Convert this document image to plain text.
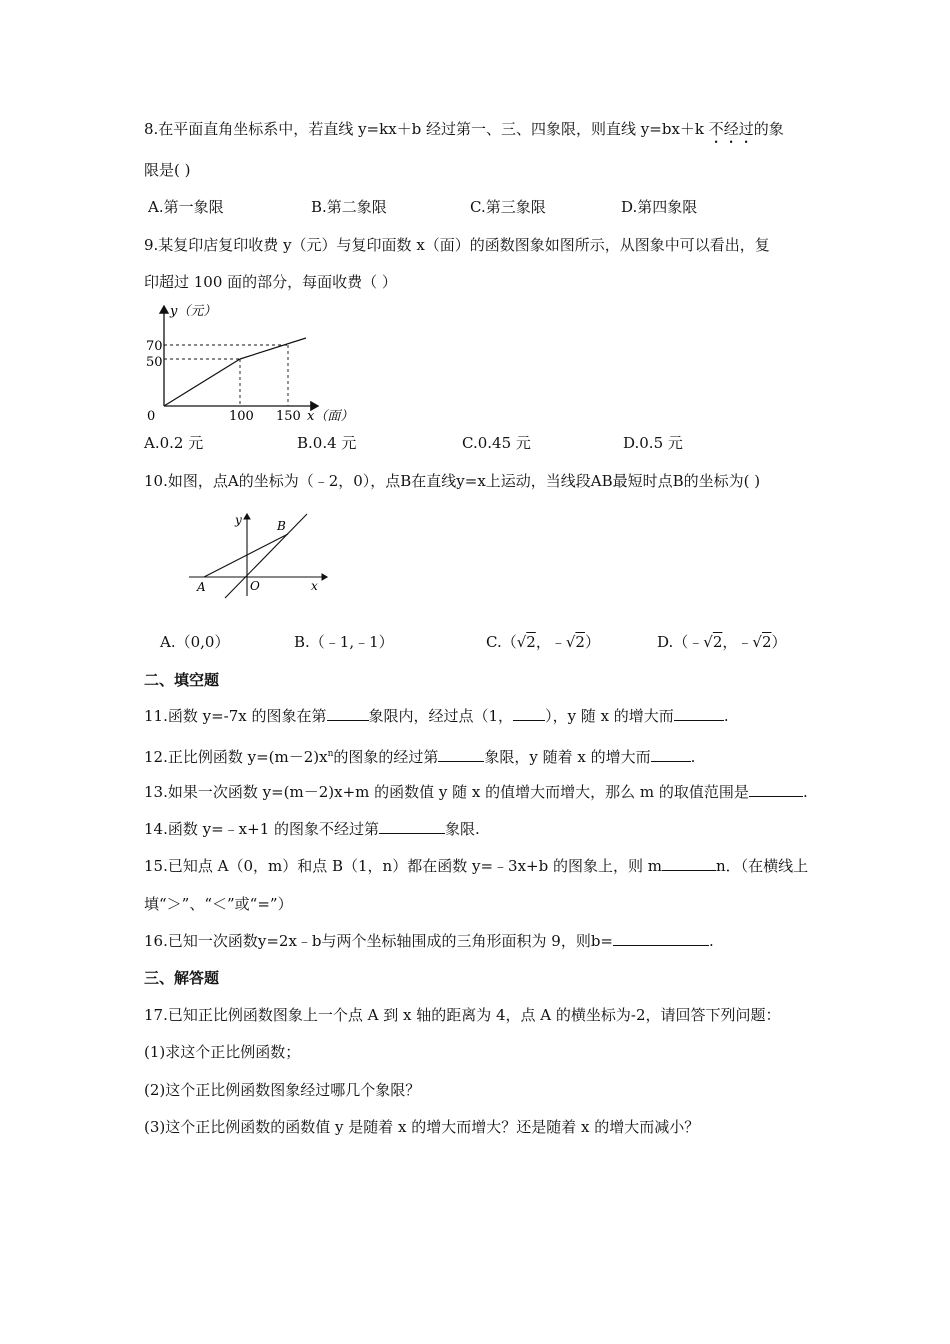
8.在平面直角坐标系中，若直线 y=kx＋b 经过第一、三、四象限，则直线 y=bx＋k 不经过的象
限是( )
A.第一象限	B.第二象限	C.第三象限	D.第四象限
9.某复印店复印收费 y（元）与复印面数 x（面）的函数图象如图所示，从图象中可以看出，复
印超过 100 面的部分，每面收费（ ）
y（元）
70
50
0	100 150 x（面）
A.0.2 元	B.0.4 元	C.0.45 元	D.0.5 元
10.如图，点A的坐标为（﹣2，0），点B在直线y=x上运动，当线段AB最短时点B的坐标为( )
y	B
A	O	x
A.（0,0）	B.（﹣1,﹣1）	C.（√2，﹣√2）	D.（﹣√2，﹣√2）
二、填空题
11.函数 y=-7x 的图象在第	象限内，经过点（1， ），y 随 x 的增大而	.
12.正比例函数 $y=(m-2)x^n$的图象的经过第	象限，y 随着 x 的增大而	.
13.如果一次函数 y=(m－2)x+m 的函数值 y 随 x 的值增大而增大，那么 m 的取值范围是	.
14.函数 y=﹣x+1 的图象不经过第	象限.
15.已知点 A（0，m）和点 B（1，n）都在函数 y=﹣3x+b 的图象上，则 m	n．（在横线上
填“＞”、“＜”或“=”）
16.已知一次函数y=2x﹣b与两个坐标轴围成的三角形面积为 9，则b=	.
三、解答题
17.已知正比例函数图象上一个点 A 到 x 轴的距离为 4，点 A 的横坐标为-2，请回答下列问题：
(1)求这个正比例函数；
(2)这个正比例函数图象经过哪几个象限？
(3)这个正比例函数的函数值 y 是随着 x 的增大而增大？还是随着 x 的增大而减小？
